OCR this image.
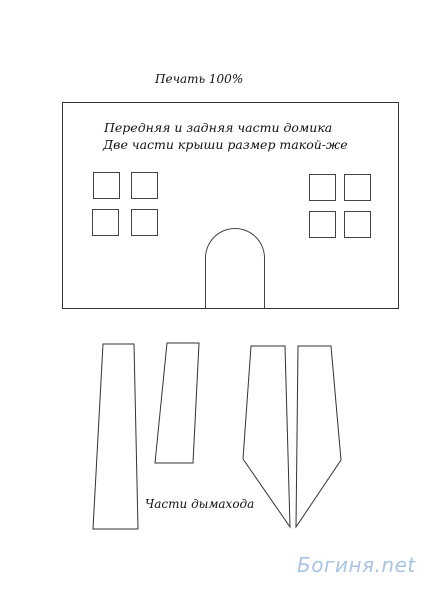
Печать 100%
Передняя и задняя части домика
Две части крыши размер такой-же
Части дымахода
Богиня.net
